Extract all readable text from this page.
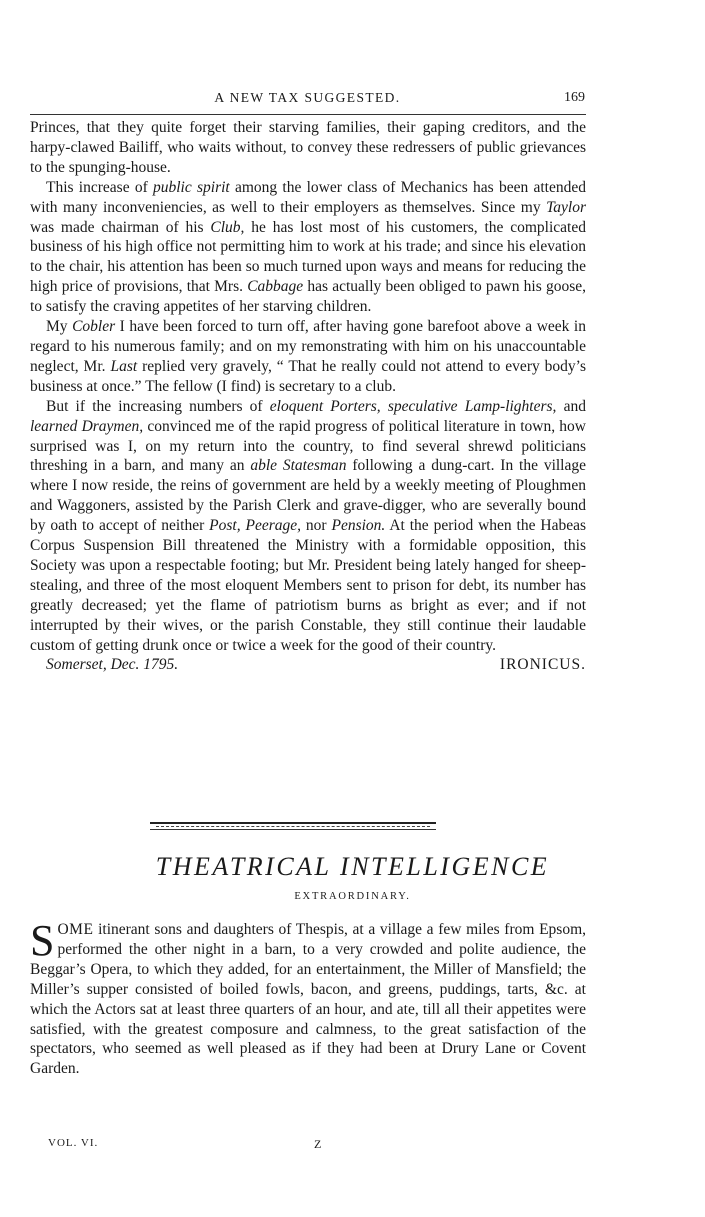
A NEW TAX SUGGESTED.	169

Princes, that they quite forget their starving families, their gaping creditors, and the harpy-clawed Bailiff, who waits without, to convey these redressers of public grievances to the spunging-house.

This increase of public spirit among the lower class of Mechanics has been attended with many inconveniencies, as well to their employers as themselves. Since my Taylor was made chairman of his Club, he has lost most of his customers, the complicated business of his high office not permitting him to work at his trade; and since his elevation to the chair, his attention has been so much turned upon ways and means for reducing the high price of provisions, that Mrs. Cabbage has actually been obliged to pawn his goose, to satisfy the craving appetites of her starving children.

My Cobler I have been forced to turn off, after having gone barefoot above a week in regard to his numerous family; and on my remonstrating with him on his unaccountable neglect, Mr. Last replied very gravely, “ That he really could not attend to every body’s business at once.” The fellow (I find) is secretary to a club.

But if the increasing numbers of eloquent Porters, speculative Lamp-lighters, and learned Draymen, convinced me of the rapid progress of political literature in town, how surprised was I, on my return into the country, to find several shrewd politicians threshing in a barn, and many an able Statesman following a dung-cart. In the village where I now reside, the reins of government are held by a weekly meeting of Ploughmen and Waggoners, assisted by the Parish Clerk and grave-digger, who are severally bound by oath to accept of neither Post, Peerage, nor Pension. At the period when the Habeas Corpus Suspension Bill threatened the Ministry with a formidable opposition, this Society was upon a respectable footing; but Mr. President being lately hanged for sheep-stealing, and three of the most eloquent Members sent to prison for debt, its number has greatly decreased; yet the flame of patriotism burns as bright as ever; and if not interrupted by their wives, or the parish Constable, they still continue their laudable custom of getting drunk once or twice a week for the good of their country.

Somerset, Dec. 1795.	IRONICUS.
THEATRICAL INTELLIGENCE
EXTRAORDINARY.
SOME itinerant sons and daughters of Thespis, at a village a few miles from Epsom, performed the other night in a barn, to a very crowded and polite audience, the Beggar’s Opera, to which they added, for an entertainment, the Miller of Mansfield; the Miller’s supper consisted of boiled fowls, bacon, and greens, puddings, tarts, &c. at which the Actors sat at least three quarters of an hour, and ate, till all their appetites were satisfied, with the greatest composure and calmness, to the great satisfaction of the spectators, who seemed as well pleased as if they had been at Drury Lane or Covent Garden.
VOL. VI.	Z
